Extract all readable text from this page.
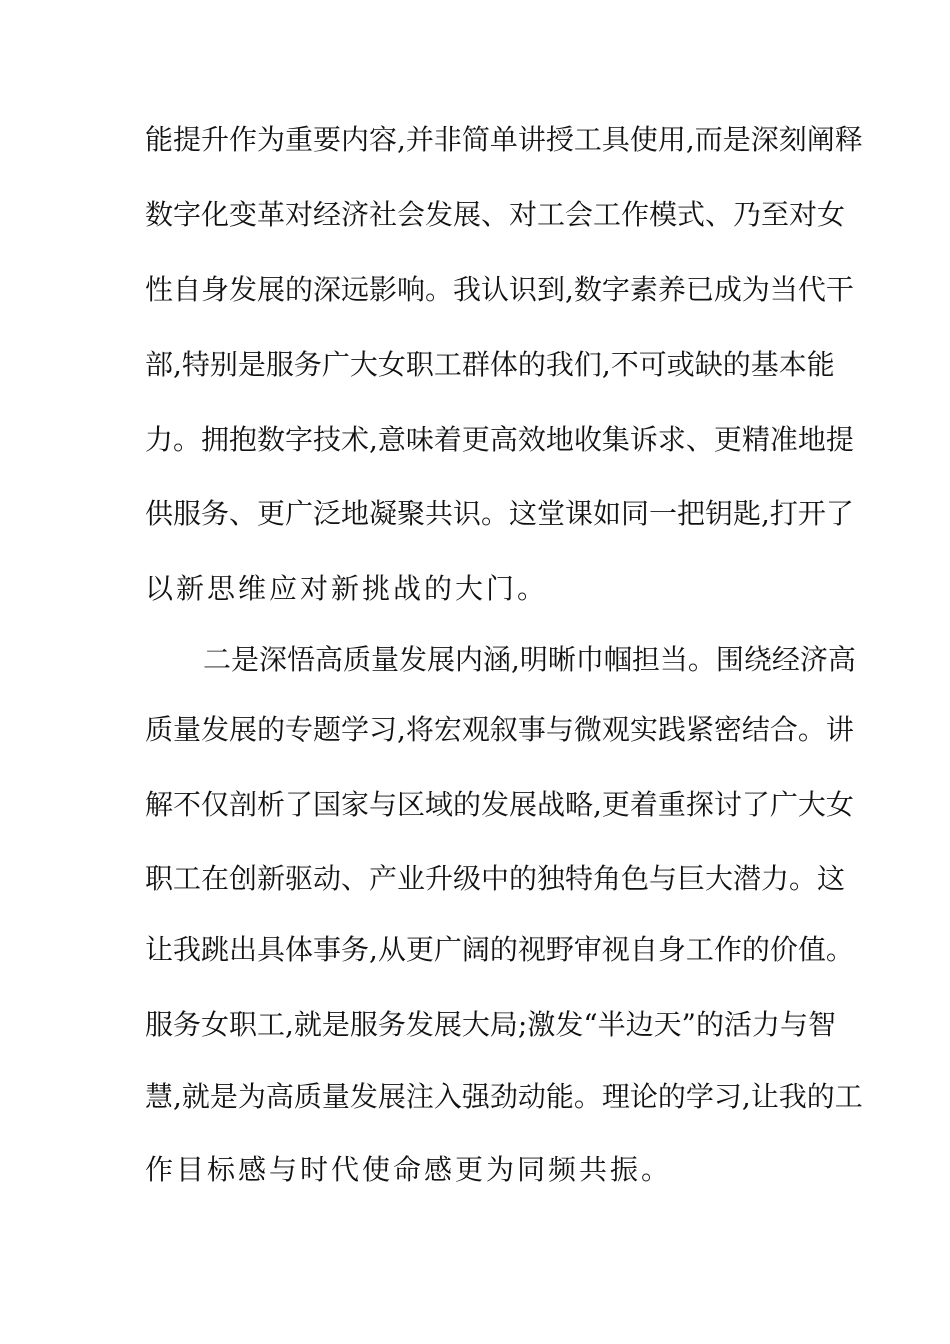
能提升作为重要内容,并非简单讲授工具使用,而是深刻阐释
数字化变革对经济社会发展、对工会工作模式、乃至对女
性自身发展的深远影响。我认识到,数字素养已成为当代干
部,特别是服务广大女职工群体的我们,不可或缺的基本能
力。拥抱数字技术,意味着更高效地收集诉求、更精准地提
供服务、更广泛地凝聚共识。这堂课如同一把钥匙,打开了
以新思维应对新挑战的大门。
二是深悟高质量发展内涵,明晰巾帼担当。围绕经济高
质量发展的专题学习,将宏观叙事与微观实践紧密结合。讲
解不仅剖析了国家与区域的发展战略,更着重探讨了广大女
职工在创新驱动、产业升级中的独特角色与巨大潜力。这
让我跳出具体事务,从更广阔的视野审视自身工作的价值。
服务女职工,就是服务发展大局;激发“半边天”的活力与智
慧,就是为高质量发展注入强劲动能。理论的学习,让我的工
作目标感与时代使命感更为同频共振。
